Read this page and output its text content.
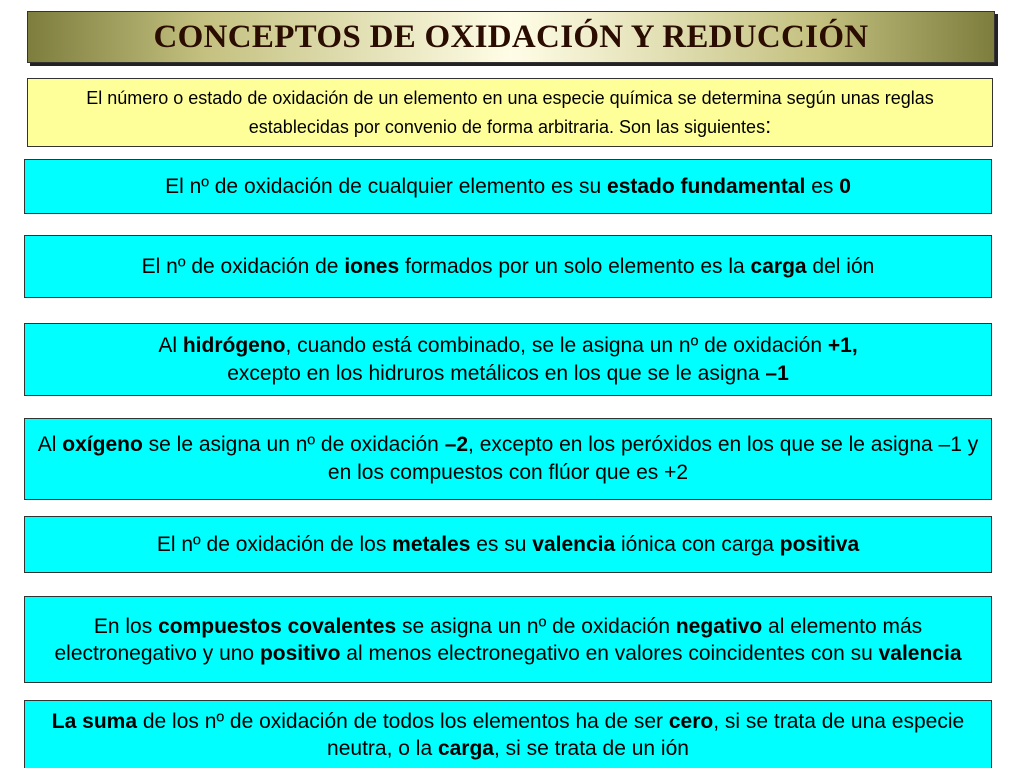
CONCEPTOS DE OXIDACIÓN Y REDUCCIÓN
El número o estado de oxidación de un elemento en una especie química se determina según unas reglas establecidas por convenio de forma arbitraria. Son las siguientes:
El nº de oxidación de cualquier elemento es su estado fundamental es 0
El nº de oxidación de iones formados por un solo elemento es la carga del ión
Al hidrógeno, cuando está combinado, se le asigna un nº de oxidación +1,
excepto en los hidruros metálicos en los que se le asigna –1
Al oxígeno se le asigna un nº de oxidación –2, excepto en los peróxidos en los que se le asigna –1 y en los compuestos con flúor que es +2
El nº de oxidación de los metales es su valencia iónica con carga positiva
En los compuestos covalentes se asigna un nº de oxidación negativo al elemento más electronegativo y uno positivo al menos electronegativo en valores coincidentes con su valencia
La suma de los nº de oxidación de todos los elementos ha de ser cero, si se trata de una especie neutra, o la carga, si se trata de un ión
